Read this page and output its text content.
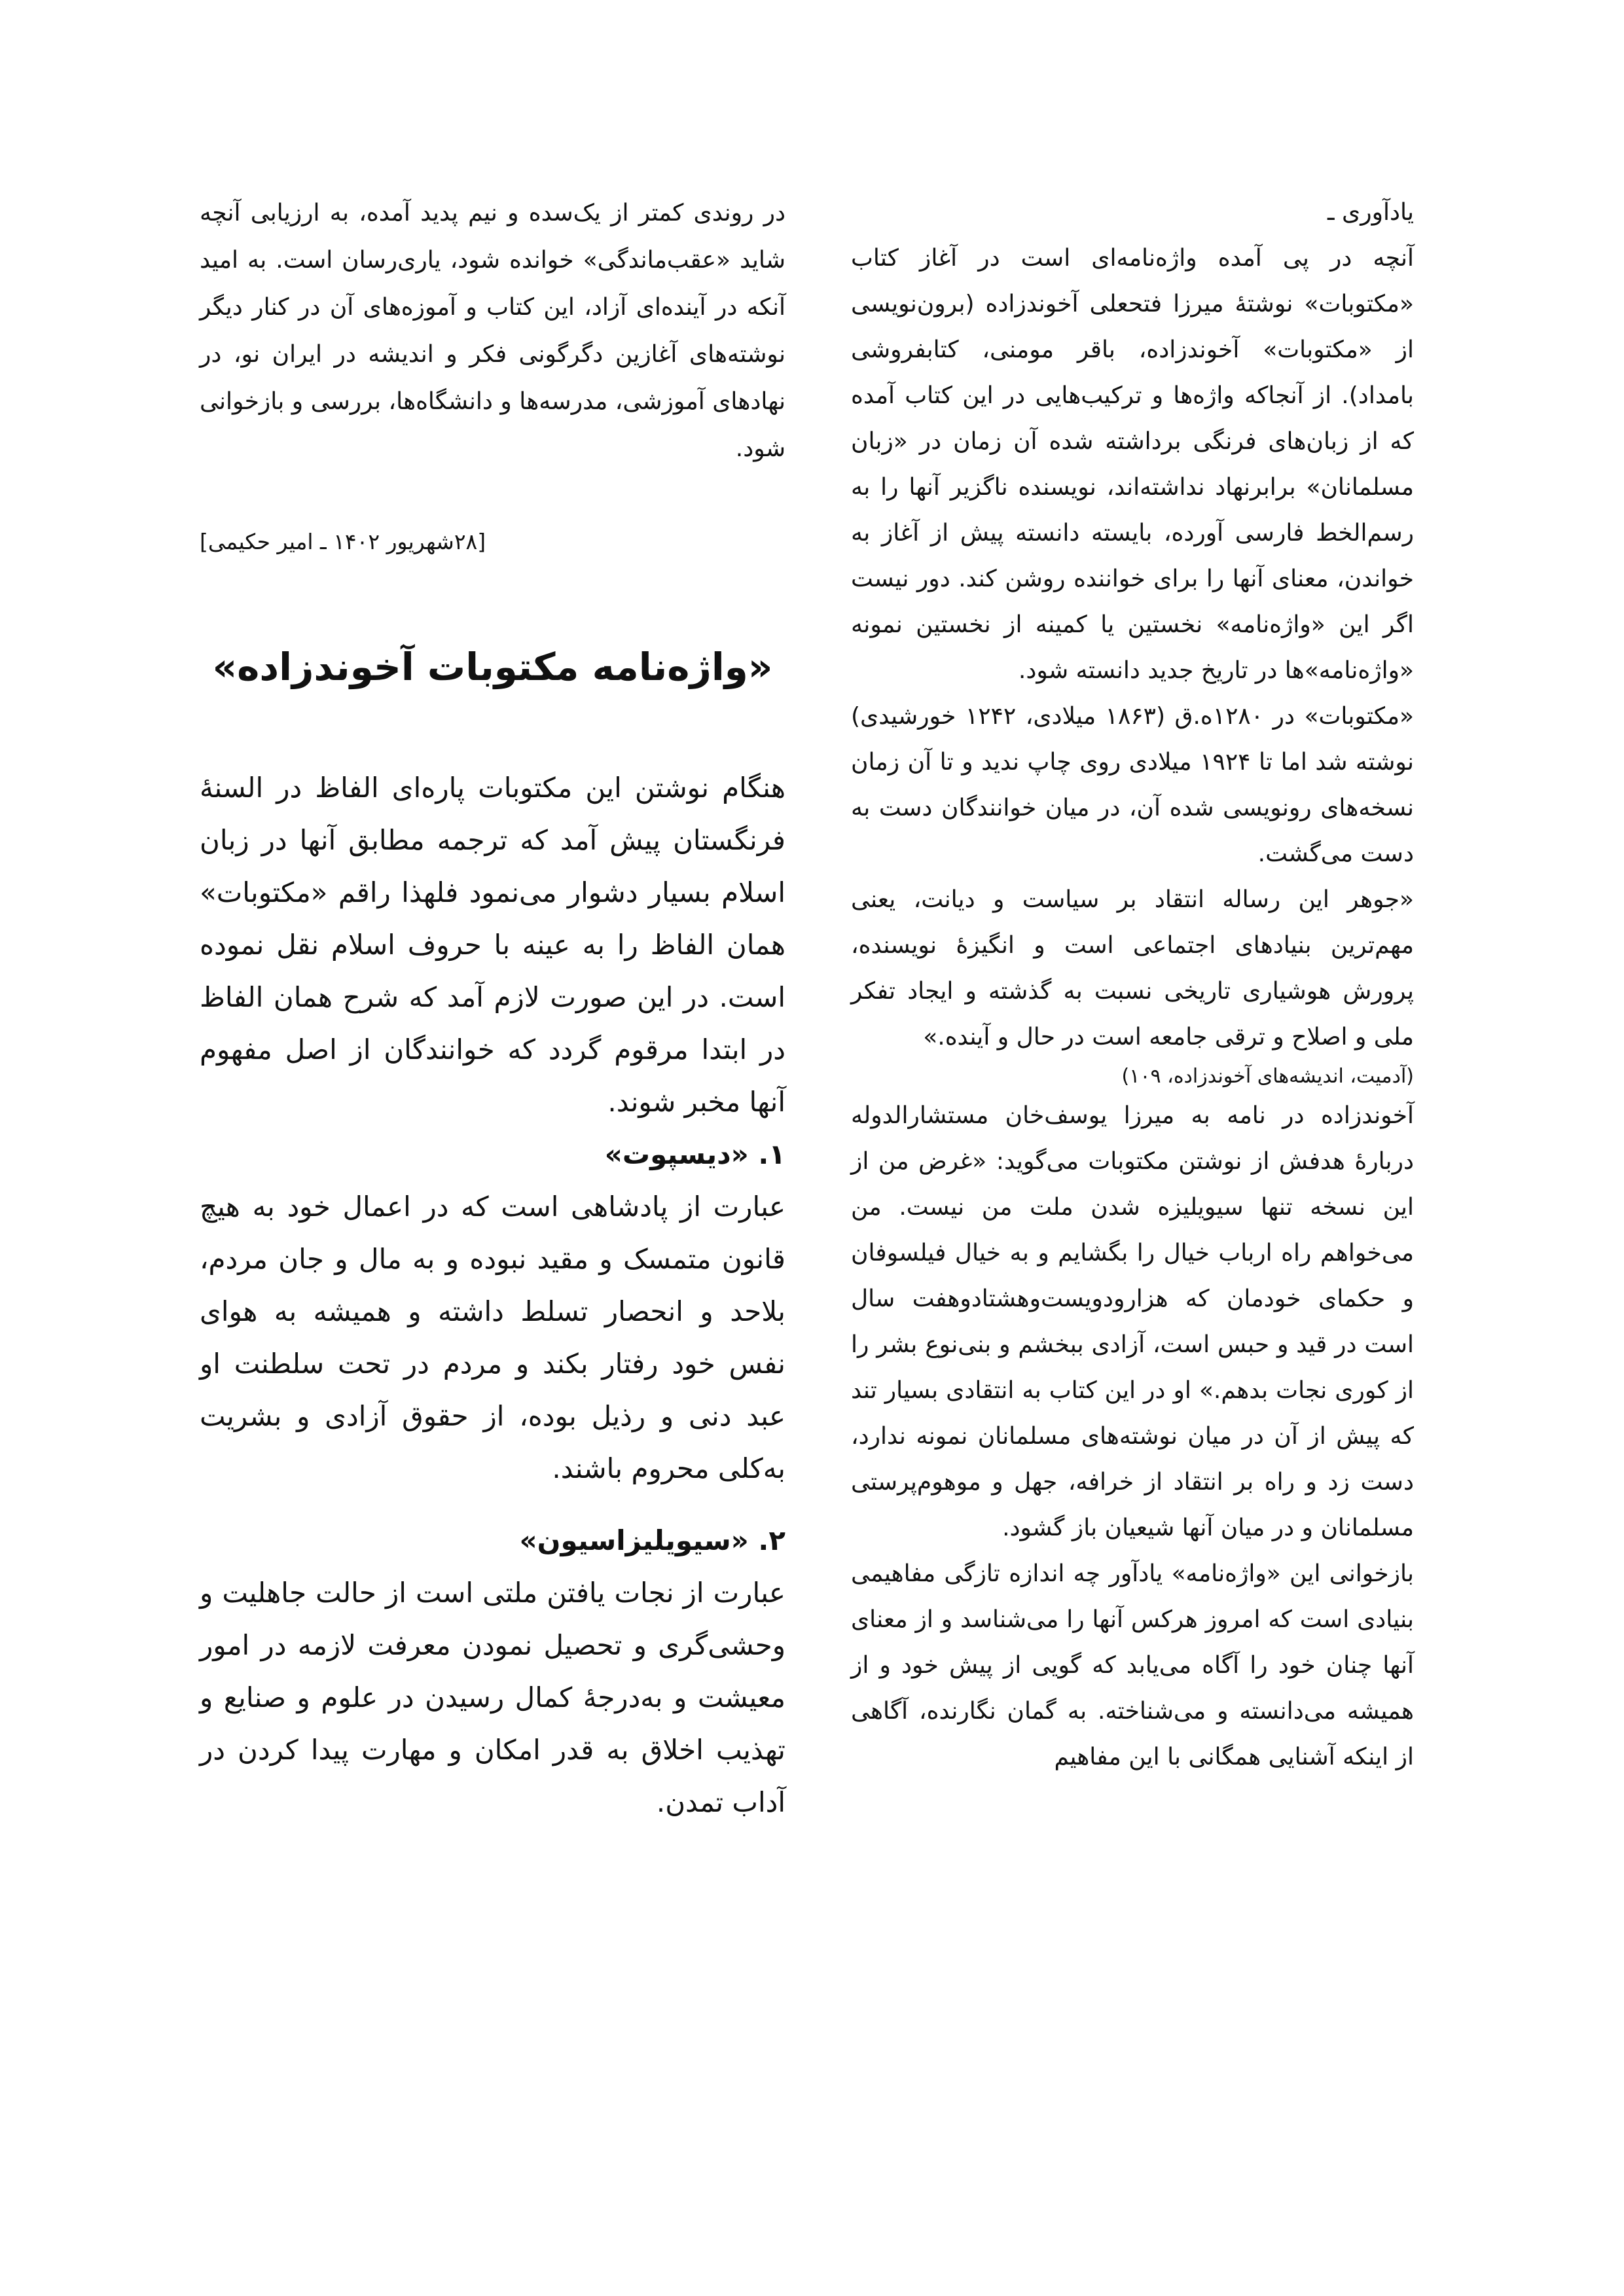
یادآوری ـ

آنچه در پی آمده واژه‌نامه‌ای است در آغاز کتاب «مکتوبات» نوشتهٔ میرزا فتحعلی آخوندزاده (برون‌نویسی از «مکتوبات» آخوندزاده، باقر مومنی، کتابفروشی بامداد). از آنجاکه واژه‌ها و ترکیب‌هایی در این کتاب آمده که از زبان‌های فرنگی برداشته شده آن زمان در «زبان مسلمانان» برابرنهاد نداشته‌اند، نویسنده ناگزیر آنها را به رسم‌الخط فارسی آورده، بایسته دانسته پیش از آغاز به خواندن، معنای آنها را برای خواننده روشن کند. دور نیست اگر این «واژه‌نامه» نخستین یا کمینه از نخستین نمونه «واژه‌نامه»ها در تاریخ جدید دانسته شود.

«مکتوبات» در ۱۲۸۰ه.ق (۱۸۶۳ میلادی، ۱۲۴۲ خورشیدی) نوشته شد اما تا ۱۹۲۴ میلادی روی چاپ ندید و تا آن زمان نسخه‌های رونویسی شده آن، در میان خوانندگان دست به دست می‌گشت.

«جوهر این رساله انتقاد بر سیاست و دیانت، یعنی مهم‌ترین بنیادهای اجتماعی است و انگیزهٔ نویسنده، پرورش هوشیاری تاریخی نسبت به گذشته و ایجاد تفکر ملی و اصلاح و ترقی جامعه است در حال و آینده.»

(آدمیت، اندیشه‌های آخوندزاده، ۱۰۹)

آخوندزاده در نامه به میرزا یوسف‌خان مستشارالدوله دربارهٔ هدفش از نوشتن مکتوبات می‌گوید: «غرض من از این نسخه تنها سیویلیزه شدن ملت من نیست. من می‌خواهم راه ارباب خیال را بگشایم و به خیال فیلسوفان و حکمای خودمان که هزارودویست‌وهشتادوهفت سال است در قید و حبس است، آزادی ببخشم و بنی‌نوع بشر را از کوری نجات بدهم.» او در این کتاب به انتقادی بسیار تند که پیش از آن در میان نوشته‌های مسلمانان نمونه ندارد، دست زد و راه بر انتقاد از خرافه، جهل و موهوم‌پرستی مسلمانان و در میان آنها شیعیان باز گشود.

بازخوانی این «واژه‌نامه» یادآور چه اندازه تازگی مفاهیمی بنیادی است که امروز هرکس آنها را می‌شناسد و از معنای آنها چنان خود را آگاه می‌یابد که گویی از پیش خود و از همیشه می‌دانسته و می‌شناخته. به گمان نگارنده، آگاهی از اینکه آشنایی همگانی با این مفاهیم

در روندی کمتر از یک‌سده و نیم پدید آمده، به ارزیابی آنچه شاید «عقب‌ماندگی» خوانده شود، یاری‌رسان است. به امید آنکه در آینده‌ای آزاد، این کتاب و آموزه‌های آن در کنار دیگر نوشته‌های آغازین دگرگونی فکر و اندیشه در ایران نو، در نهادهای آموزشی، مدرسه‌ها و دانشگاه‌ها، بررسی و بازخوانی شود.

[۲۸شهریور ۱۴۰۲ ـ امیر حکیمی]

«واژه‌نامه مکتوبات آخوندزاده»

هنگام نوشتن این مکتوبات پاره‌ای الفاظ در السنهٔ فرنگستان پیش آمد که ترجمه مطابق آنها در زبان اسلام بسیار دشوار می‌نمود فلهذا راقم «مکتوبات» همان الفاظ را به عینه با حروف اسلام نقل نموده است. در این صورت لازم آمد که شرح همان الفاظ در ابتدا مرقوم گردد که خوانندگان از اصل مفهوم آنها مخبر شوند.

۱. «دیسپوت»

عبارت از پادشاهی است که در اعمال خود به هیچ قانون متمسک و مقید نبوده و به مال و جان مردم، بلاحد و انحصار تسلط داشته و همیشه به هوای نفس خود رفتار بکند و مردم در تحت سلطنت او عبد دنی و رذیل بوده، از حقوق آزادی و بشریت به‌کلی محروم باشند.

۲. «سیویلیزاسیون»

عبارت از نجات یافتن ملتی است از حالت جاهلیت و وحشی‌گری و تحصیل نمودن معرفت لازمه در امور معیشت و به‌درجهٔ کمال رسیدن در علوم و صنایع و تهذیب اخلاق به قدر امکان و مهارت پیدا کردن در آداب تمدن.
